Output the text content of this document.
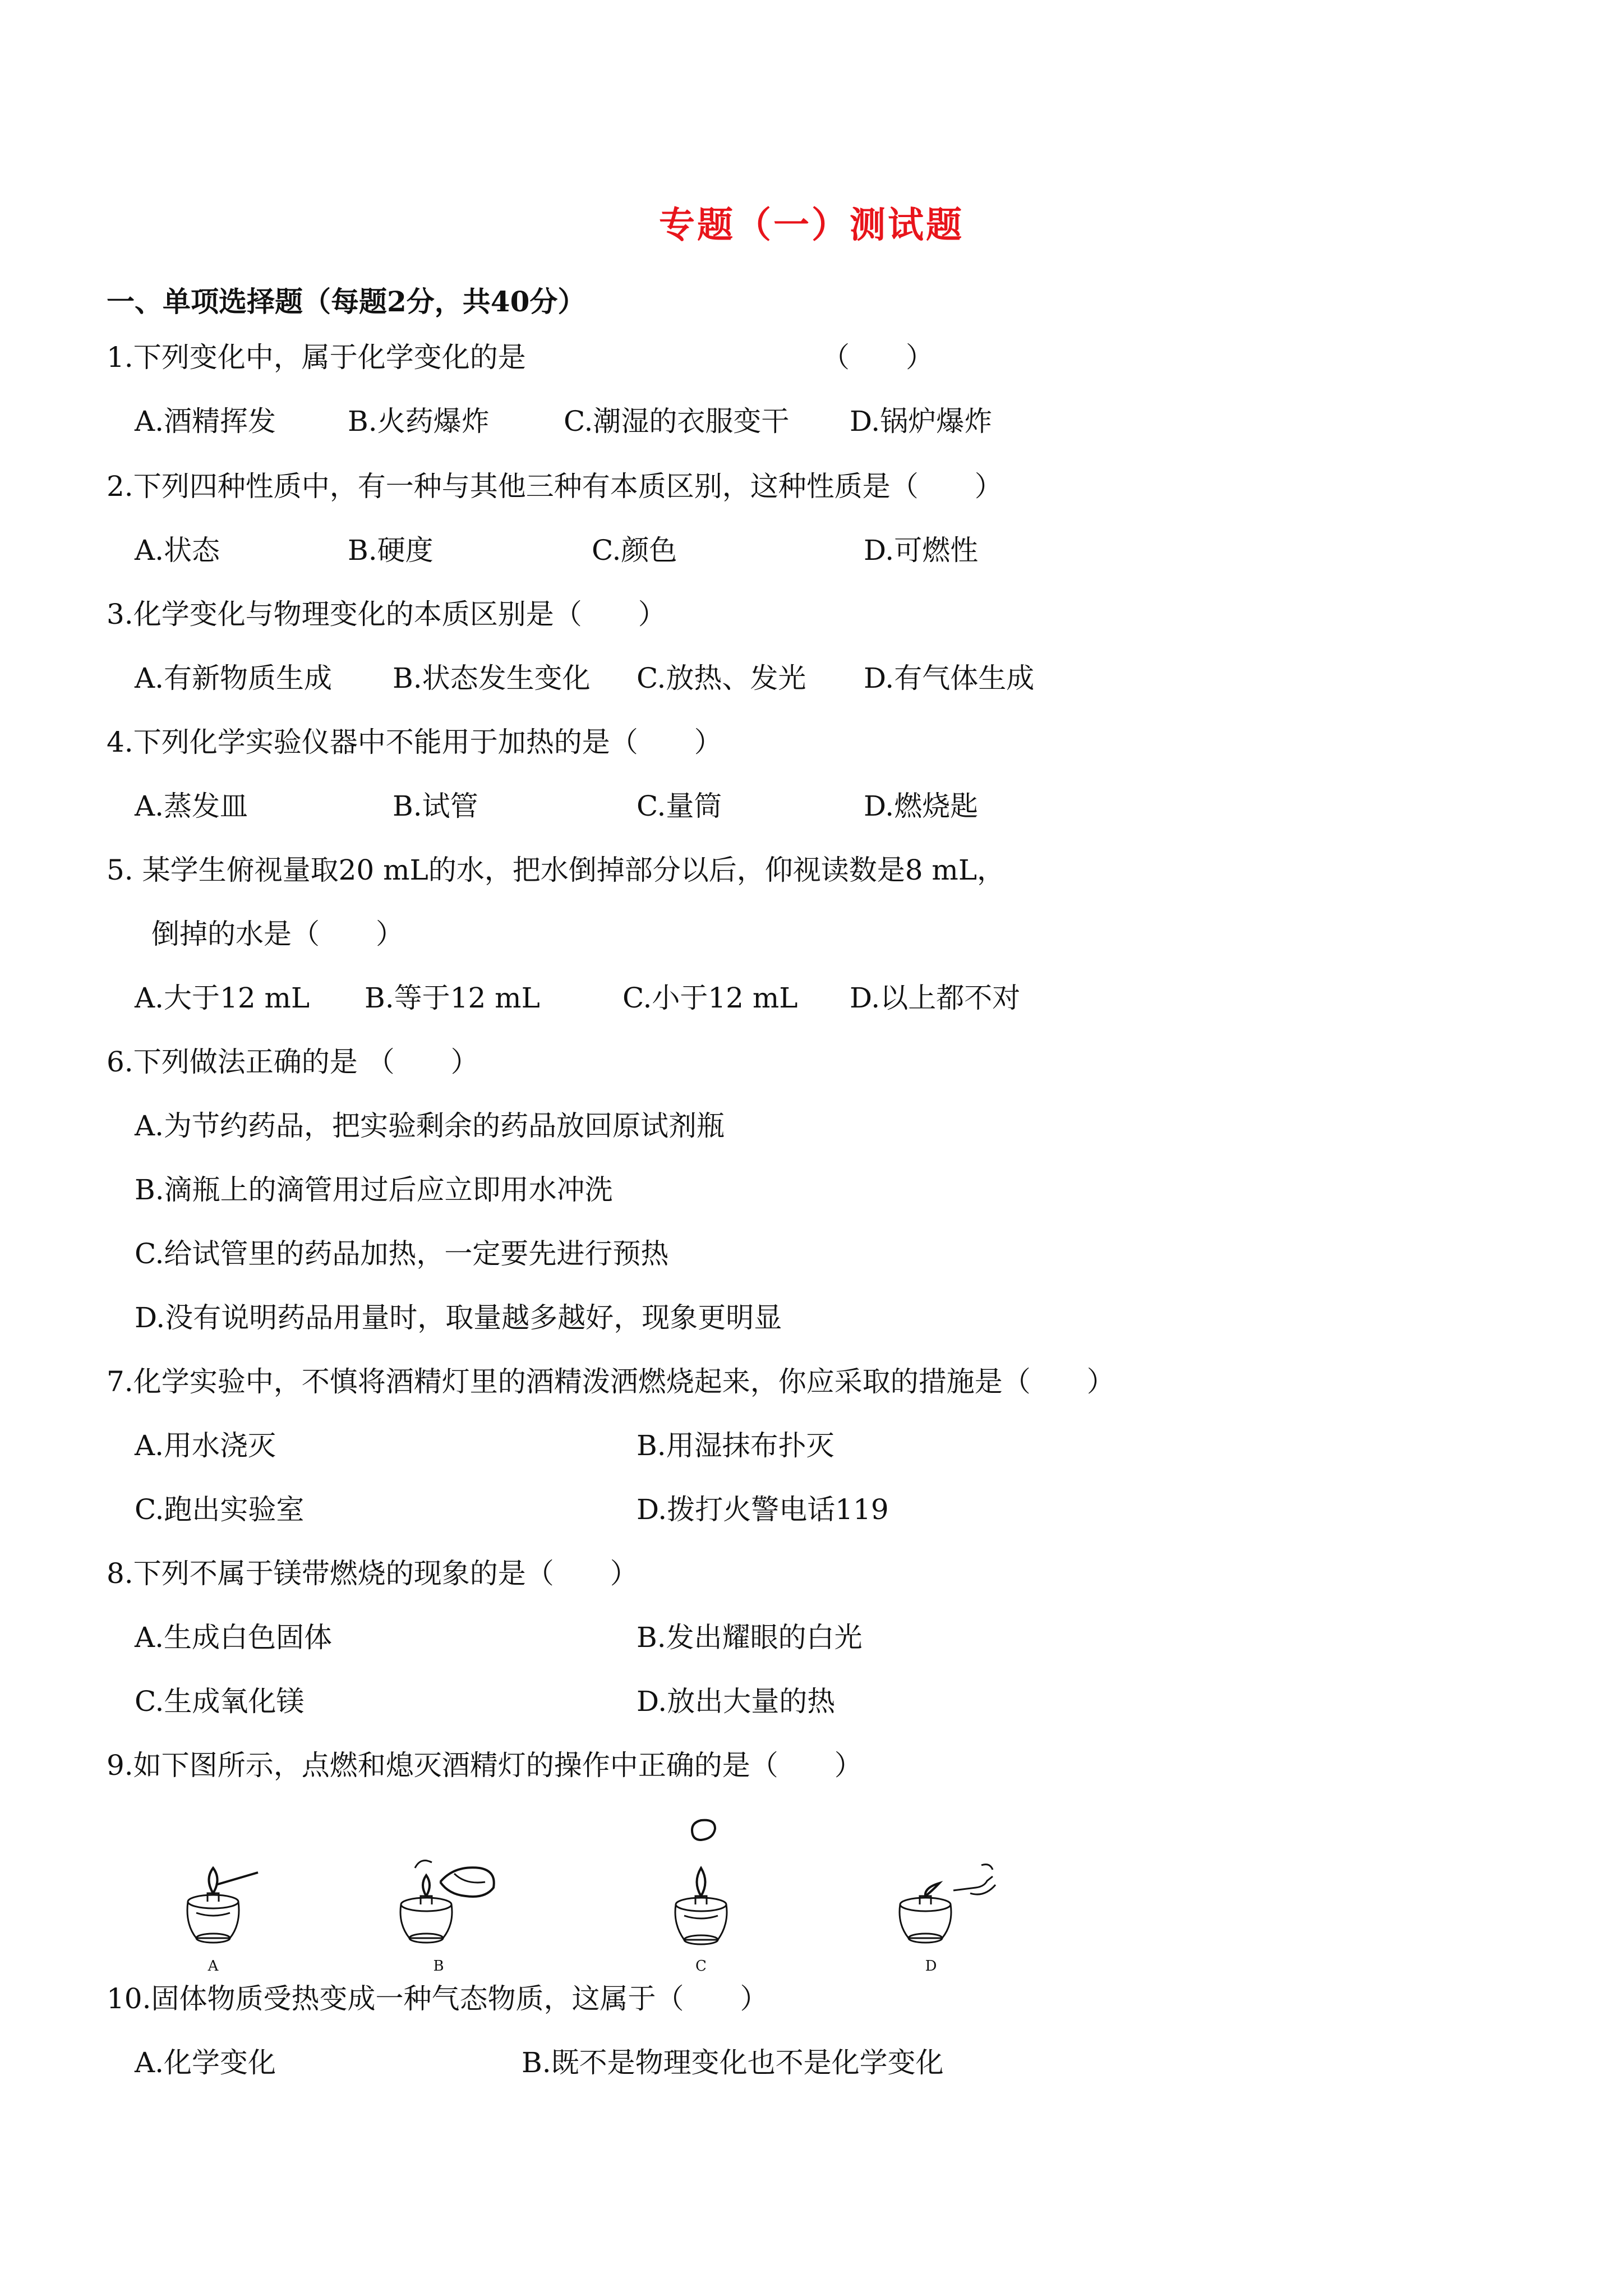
专题（一）测试题
一、单项选择题（每题2分，共40分）
1.下列变化中，属于化学变化的是	（　　）
A.酒精挥发	B.火药爆炸	C.潮湿的衣服变干 D.锅炉爆炸
2.下列四种性质中，有一种与其他三种有本质区别，这种性质是（　　）
A.状态	B.硬度	C.颜色	D.可燃性
3.化学变化与物理变化的本质区别是（　　）
A.有新物质生成 B.状态发生变化 C.放热、发光 D.有气体生成
4.下列化学实验仪器中不能用于加热的是（　　）
A.蒸发皿	B.试管	C.量筒	D.燃烧匙
5. 某学生俯视量取20 mL的水，把水倒掉部分以后，仰视读数是8 mL，
倒掉的水是（　　）
A.大于12 mL B.等于12 mL	C.小于12 mL D.以上都不对
6.下列做法正确的是 （　　）
A.为节约药品，把实验剩余的药品放回原试剂瓶
B.滴瓶上的滴管用过后应立即用水冲洗
C.给试管里的药品加热，一定要先进行预热
D.没有说明药品用量时，取量越多越好，现象更明显
7.化学实验中，不慎将酒精灯里的酒精泼洒燃烧起来，你应采取的措施是（　　）
A.用水浇灭	B.用湿抹布扑灭
C.跑出实验室	D.拨打火警电话119
8.下列不属于镁带燃烧的现象的是（　　）
A.生成白色固体	B.发出耀眼的白光
C.生成氧化镁	D.放出大量的热
9.如下图所示，点燃和熄灭酒精灯的操作中正确的是（　　）
A	B	C	D
10.固体物质受热变成一种气态物质，这属于（　　）
A.化学变化	B.既不是物理变化也不是化学变化
